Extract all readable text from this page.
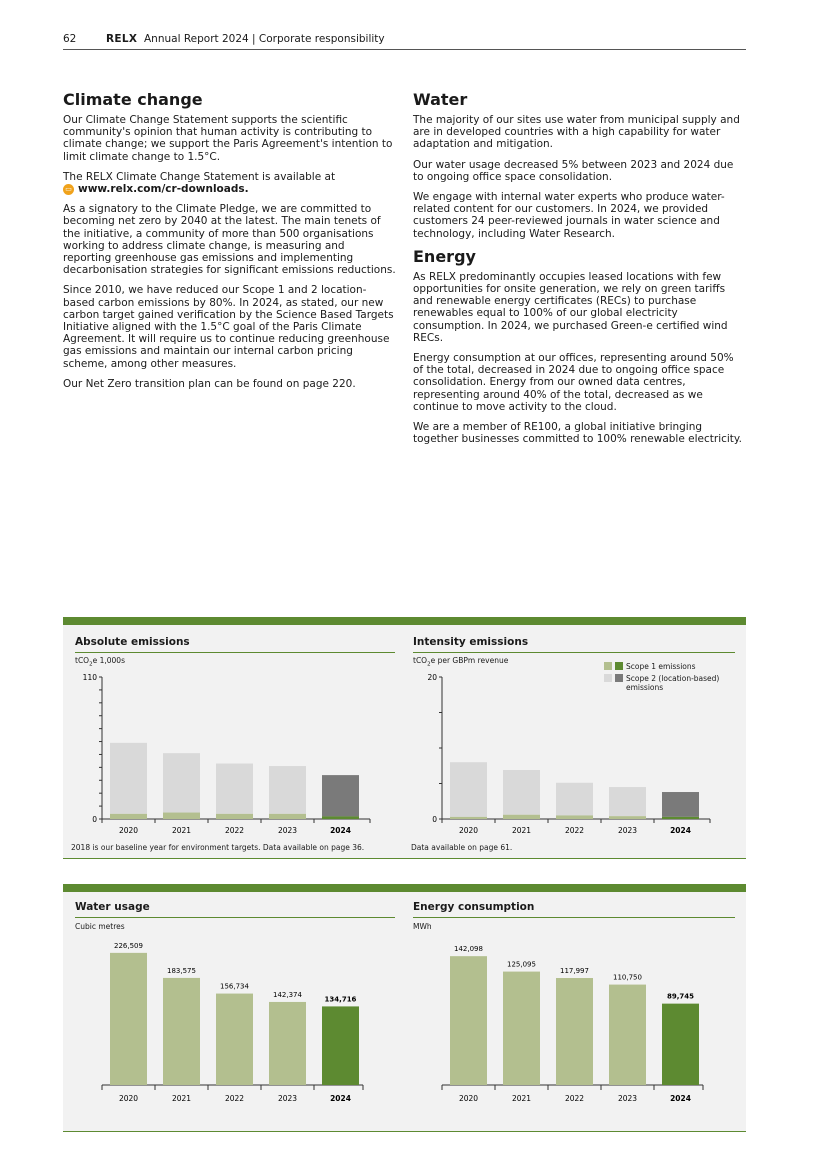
62	RELX Annual Report 2024 | Corporate responsibility
Climate change

Our Climate Change Statement supports the scientific community's opinion that human activity is contributing to climate change; we support the Paris Agreement's intention to limit climate change to 1.5°C.

The RELX Climate Change Statement is available at

▭ www.relx.com/cr-downloads.

As a signatory to the Climate Pledge, we are committed to becoming net zero by 2040 at the latest. The main tenets of the initiative, a community of more than 500 organisations working to address climate change, is measuring and reporting greenhouse gas emissions and implementing decarbonisation strategies for significant emissions reductions.

Since 2010, we have reduced our Scope 1 and 2 location-based carbon emissions by 80%. In 2024, as stated, our new carbon target gained verification by the Science Based Targets Initiative aligned with the 1.5°C goal of the Paris Climate Agreement. It will require us to continue reducing greenhouse gas emissions and maintain our internal carbon pricing scheme, among other measures.

Our Net Zero transition plan can be found on page 220.

Water

The majority of our sites use water from municipal supply and are in developed countries with a high capability for water adaptation and mitigation.

Our water usage decreased 5% between 2023 and 2024 due to ongoing office space consolidation.

We engage with internal water experts who produce water-related content for our customers. In 2024, we provided customers 24 peer-reviewed journals in water science and technology, including Water Research.

Energy

As RELX predominantly occupies leased locations with few opportunities for onsite generation, we rely on green tariffs and renewable energy certificates (RECs) to purchase renewables equal to 100% of our global electricity consumption. In 2024, we purchased Green-e certified wind RECs.

Energy consumption at our offices, representing around 50% of the total, decreased in 2024 due to ongoing office space consolidation. Energy from our owned data centres, representing around 40% of the total, decreased as we continue to move activity to the cloud.

We are a member of RE100, a global initiative bringing together businesses committed to 100% renewable electricity.

Absolute emissions
tCO$_2$e 1,000s
Intensity emissions
tCO$_2$e per GBPm revenue
Scope 1 emissions
Scope 2 (location-based) emissions
110
0
2020	2021	2022	2023	2024
20
0
2020	2021	2022	2023	2024
2018 is our baseline year for environment targets. Data available on page 36.	Data available on page 61.
Water usage
Cubic metres
Energy consumption
MWh
226,509
2020
183,575
2021
156,734
2022
142,374
2023
134,716
2024
142,098
2020
125,095
2021
117,997
2022
110,750
2023
89,745
2024
